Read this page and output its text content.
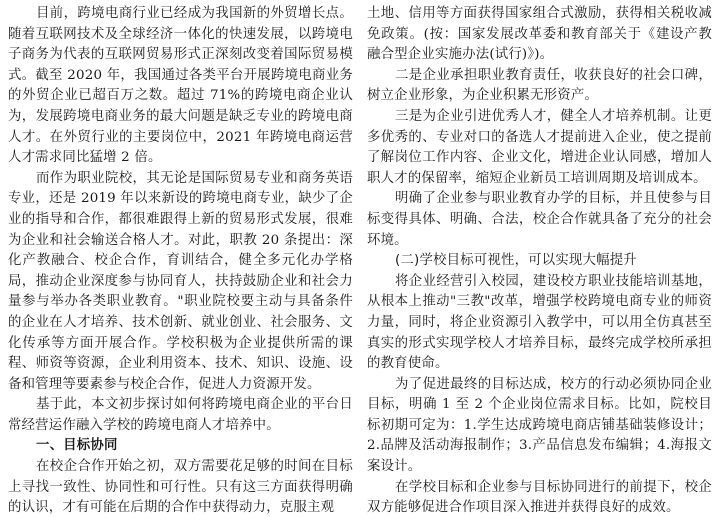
目前，跨境电商行业已经成为我国新的外贸增长点。随着互联网技术及全球经济一体化的快速发展，以跨境电子商务为代表的互联网贸易形式正深刻改变着国际贸易模式。截至 2020 年，我国通过各类平台开展跨境电商业务的外贸企业已超百万之数。超过 71%的跨境电商企业认为，发展跨境电商业务的最大问题是缺乏专业的跨境电商人才。在外贸行业的主要岗位中，2021 年跨境电商运营人才需求同比猛增 2 倍。

而作为职业院校，其无论是国际贸易专业和商务英语专业，还是 2019 年以来新设的跨境电商专业，缺少了企业的指导和合作，都很难跟得上新的贸易形式发展，很难为企业和社会输送合格人才。对此，职教 20 条提出：深化产教融合、校企合作，育训结合，健全多元化办学格局，推动企业深度参与协同育人，扶持鼓励企业和社会力量参与举办各类职业教育。"职业院校要主动与具备条件的企业在人才培养、技术创新、就业创业、社会服务、文化传承等方面开展合作。学校积极为企业提供所需的课程、师资等资源，企业利用资本、技术、知识、设施、设备和管理等要素参与校企合作，促进人力资源开发。

基于此，本文初步探讨如何将跨境电商企业的平台日常经营运作融入学校的跨境电商人才培养中。

一、目标协同

在校企合作开始之初，双方需要花足够的时间在目标上寻找一致性、协同性和可行性。只有这三方面获得明确的认识，才有可能在后期的合作中获得动力，克服主观

土地、信用等方面获得国家组合式激励，获得相关税收减免政策。(按：国家发展改革委和教育部关于《建设产教融合型企业实施办法(试行)》)。

二是企业承担职业教育责任，收获良好的社会口碑，树立企业形象，为企业积累无形资产。

三是为企业引进优秀人才，健全人才培养机制。让更多优秀的、专业对口的备选人才提前进入企业，使之提前了解岗位工作内容、企业文化，增进企业认同感，增加人职人才的保留率，缩短企业新员工培训周期及培训成本。

明确了企业参与职业教育办学的目标，并且使参与目标变得具体、明确、合法，校企合作就具备了充分的社会环境。

(二)学校目标可视性，可以实现大幅提升

将企业经营引入校园，建设校方职业技能培训基地，从根本上推动"三教"改革，增强学校跨境电商专业的师资力量，同时，将企业资源引入教学中，可以用全仿真甚至真实的形式实现学校人才培养目标，最终完成学校所承担的教育使命。

为了促进最终的目标达成，校方的行动必须协同企业目标，明确 1 至 2 个企业岗位需求目标。比如，院校目标初期可定为：1.学生达成跨境电商店铺基础装修设计；2.品牌及活动海报制作；3.产品信息发布编辑；4.海报文案设计。

在学校目标和企业参与目标协同进行的前提下，校企双方能够促进合作项目深入推进并获得良好的成效。
